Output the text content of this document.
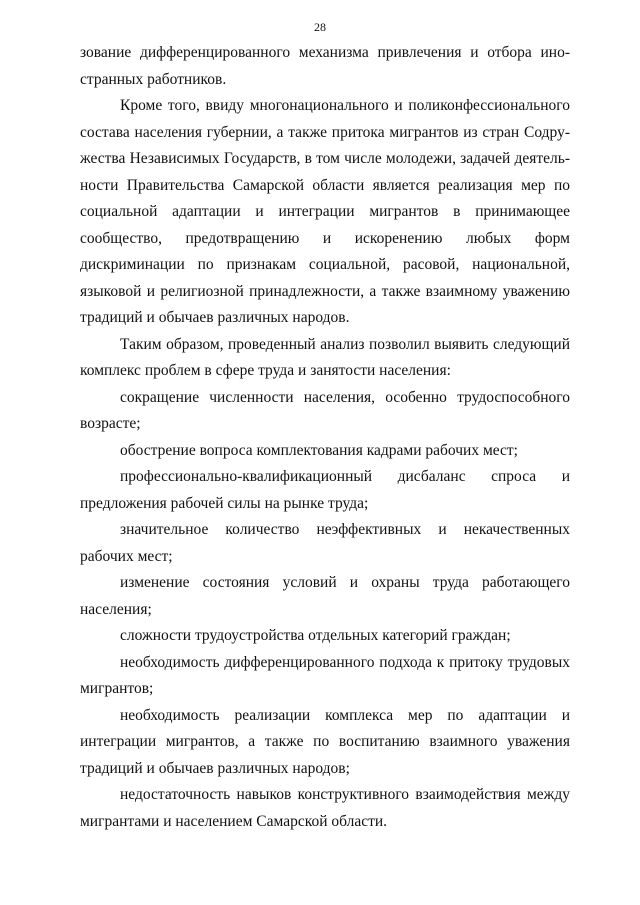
28

зование дифференцированного механизма привлечения и отбора иностранных работников.

Кроме того, ввиду многонационального и поликонфессионального состава населения губернии, а также притока мигрантов из стран Содружества Независимых Государств, в том числе молодежи, задачей деятельности Правительства Самарской области является реализация мер по социальной адаптации и интеграции мигрантов в принимающее сообщество, предотвращению и искоренению любых форм дискриминации по признакам социальной, расовой, национальной, языковой и религиозной принадлежности, а также взаимному уважению традиций и обычаев различных народов.

Таким образом, проведенный анализ позволил выявить следующий комплекс проблем в сфере труда и занятости населения:

сокращение численности населения, особенно трудоспособного возрасте;

обострение вопроса комплектования кадрами рабочих мест;

профессионально-квалификационный дисбаланс спроса и предложения рабочей силы на рынке труда;

значительное количество неэффективных и некачественных рабочих мест;

изменение состояния условий и охраны труда работающего населения;

сложности трудоустройства отдельных категорий граждан;

необходимость дифференцированного подхода к притоку трудовых мигрантов;

необходимость реализации комплекса мер по адаптации и интеграции мигрантов, а также по воспитанию взаимного уважения традиций и обычаев различных народов;

недостаточность навыков конструктивного взаимодействия между мигрантами и населением Самарской области.
